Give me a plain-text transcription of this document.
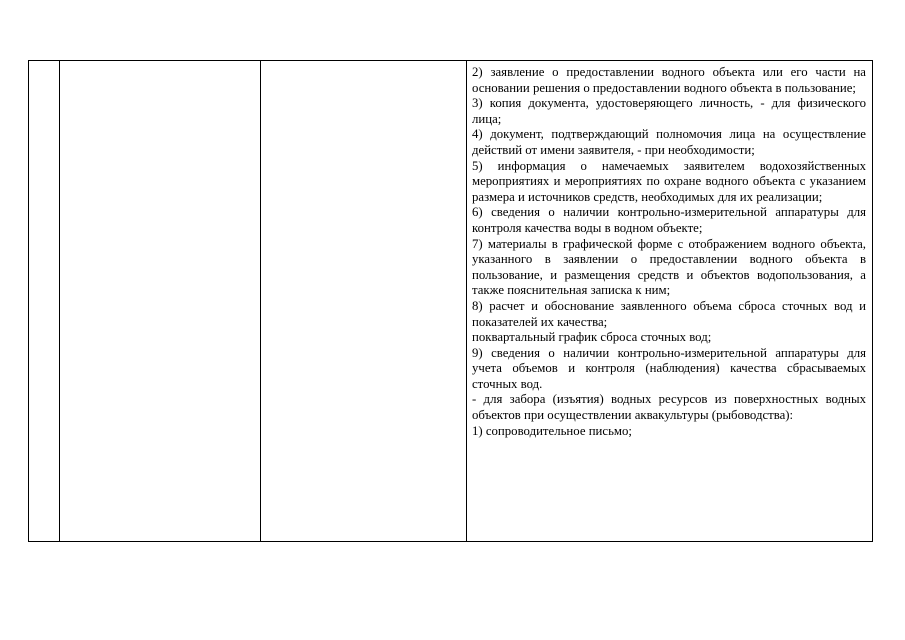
2) заявление о предоставлении водного объекта или его части на основании решения о предоставлении водного объекта в пользование;

3) копия документа, удостоверяющего личность, - для физического лица;

4) документ, подтверждающий полномочия лица на осуществление действий от имени заявителя, - при необходимости;

5) информация о намечаемых заявителем водохозяйственных мероприятиях и мероприятиях по охране водного объекта с указанием размера и источников средств, необходимых для их реализации;

6) сведения о наличии контрольно-измерительной аппаратуры для контроля качества воды в водном объекте;

7) материалы в графической форме с отображением водного объекта, указанного в заявлении о предоставлении водного объекта в пользование, и размещения средств и объектов водопользования, а также пояснительная записка к ним;

8) расчет и обоснование заявленного объема сброса сточных вод и показателей их качества;

поквартальный график сброса сточных вод;

9) сведения о наличии контрольно-измерительной аппаратуры для учета объемов и контроля (наблюдения) качества сбрасываемых сточных вод.

- для забора (изъятия) водных ресурсов из поверхностных водных объектов при осуществлении аквакультуры (рыбоводства):

1) сопроводительное письмо;
